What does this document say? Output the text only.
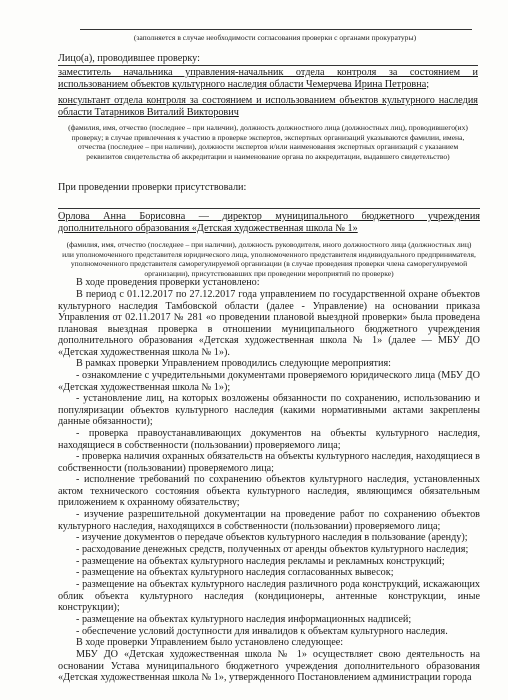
(заполняется в случае необходимости согласования проверки с органами прокуратуры)
Лицо(а), проводившее проверку:
заместитель начальника управления-начальник отдела контроля за состоянием и использованием объектов культурного наследия области Чемерчева Ирина Петровна;
консультант отдела контроля за состоянием и использованием объектов культурного наследия области Татарников Виталий Викторович
(фамилия, имя, отчество (последнее – при наличии), должность должностного лица (должностных лиц), проводившего(их) проверку; в случае привлечения к участию в проверке экспертов, экспертных организаций указываются фамилии, имена, отчества (последнее – при наличии), должности экспертов и/или наименования экспертных организаций с указанием реквизитов свидетельства об аккредитации и наименование органа по аккредитации, выдавшего свидетельство)
При проведении проверки присутствовали:
Орлова Анна Борисовна — директор муниципального бюджетного учреждения дополнительного образования «Детская художественная школа № 1»
(фамилия, имя, отчество (последнее – при наличии), должность руководителя, иного должностного лица (должностных лиц) или уполномоченного представителя юридического лица, уполномоченного представителя индивидуального предпринимателя, уполномоченного представителя саморегулируемой организации (в случае проведения проверки члена саморегулируемой организации), присутствовавших при проведении мероприятий по проверке)
В ходе проведения проверки установлено:
В период с 01.12.2017 по 27.12.2017 года управлением по государственной охране объектов культурного наследия Тамбовской области (далее - Управление) на основании приказа Управления от 02.11.2017 № 281 «о проведении плановой выездной проверки» была проведена плановая выездная проверка в отношении муниципального бюджетного учреждения дополнительного образования «Детская художественная школа № 1» (далее — МБУ ДО «Детская художественная школа № 1»).
В рамках проверки Управлением проводились следующие мероприятия:
- ознакомление с учредительными документами проверяемого юридического лица (МБУ ДО «Детская художественная школа № 1»);
- установление лиц, на которых возложены обязанности по сохранению, использованию и популяризации объектов культурного наследия (какими нормативными актами закреплены данные обязанности);
- проверка правоустанавливающих документов на объекты культурного наследия, находящиеся в собственности (пользовании) проверяемого лица;
- проверка наличия охранных обязательств на объекты культурного наследия, находящиеся в собственности (пользовании) проверяемого лица;
- исполнение требований по сохранению объектов культурного наследия, установленных актом технического состояния объекта культурного наследия, являющимся обязательным приложением к охранному обязательству;
- изучение разрешительной документации на проведение работ по сохранению объектов культурного наследия, находящихся в собственности (пользовании) проверяемого лица;
- изучение документов о передаче объектов культурного наследия в пользование (аренду);
- расходование денежных средств, полученных от аренды объектов культурного наследия;
- размещение на объектах культурного наследия рекламы и рекламных конструкций;
- размещение на объектах культурного наследия согласованных вывесок;
- размещение на объектах культурного наследия различного рода конструкций, искажающих облик объекта культурного наследия (кондиционеры, антенные конструкции, иные конструкции);
- размещение на объектах культурного наследия информационных надписей;
- обеспечение условий доступности для инвалидов к объектам культурного наследия.
В ходе проверки Управлением было установлено следующее:
МБУ ДО «Детская художественная школа № 1» осуществляет свою деятельность на основании Устава муниципального бюджетного учреждения дополнительного образования «Детская художественная школа № 1», утвержденного Постановлением администрации города
